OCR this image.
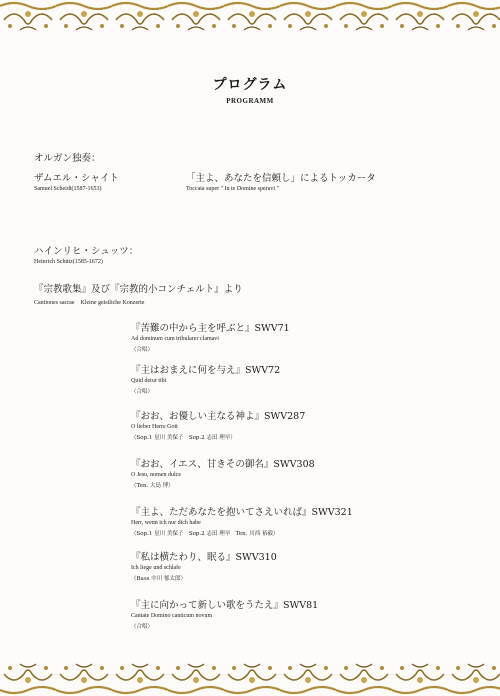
プログラム
PROGRAMM
オルガン独奏：
ザムエル・シャイト
Samuel Scheidt(1587-1653)
「主よ、あなたを信頼し」によるトッカータ
Toccata super " In te Domine speravi "
ハインリヒ・シュッツ：
Heinrich Schütz(1585-1672)
『宗教歌集』及び『宗教的小コンチェルト』より
Cantiones sacrae　Kleine geistliche Konzerte
『苦難の中から主を呼ぶと』SWV71
Ad dominum cum tribularer clamavi
（合唱）
『主はおまえに何を与え』SWV72
Quid detur tibi
（合唱）
『おお、お優しい主なる神よ』SWV287
O lieber Herre Gott
（Sop.1 星川 美保子　Sop.2 志田 理早）
『おお、イエス、甘きその御名』SWV308
O Jesu, nomen dulce
（Ten. 大島 博）
『主よ、ただあなたを抱いてさえいれば』SWV321
Herr, wenn ich nur dich habe
（Sop.1 星川 美保子　Sop.2 志田 理早　Ten. 川西 裕毅）
『私は横たわり、眠る』SWV310
Ich liege und schlafe
（Bass 中川 郁太郎）
『主に向かって新しい歌をうたえ』SWV81
Cantate Domino canticum novum
（合唱）
